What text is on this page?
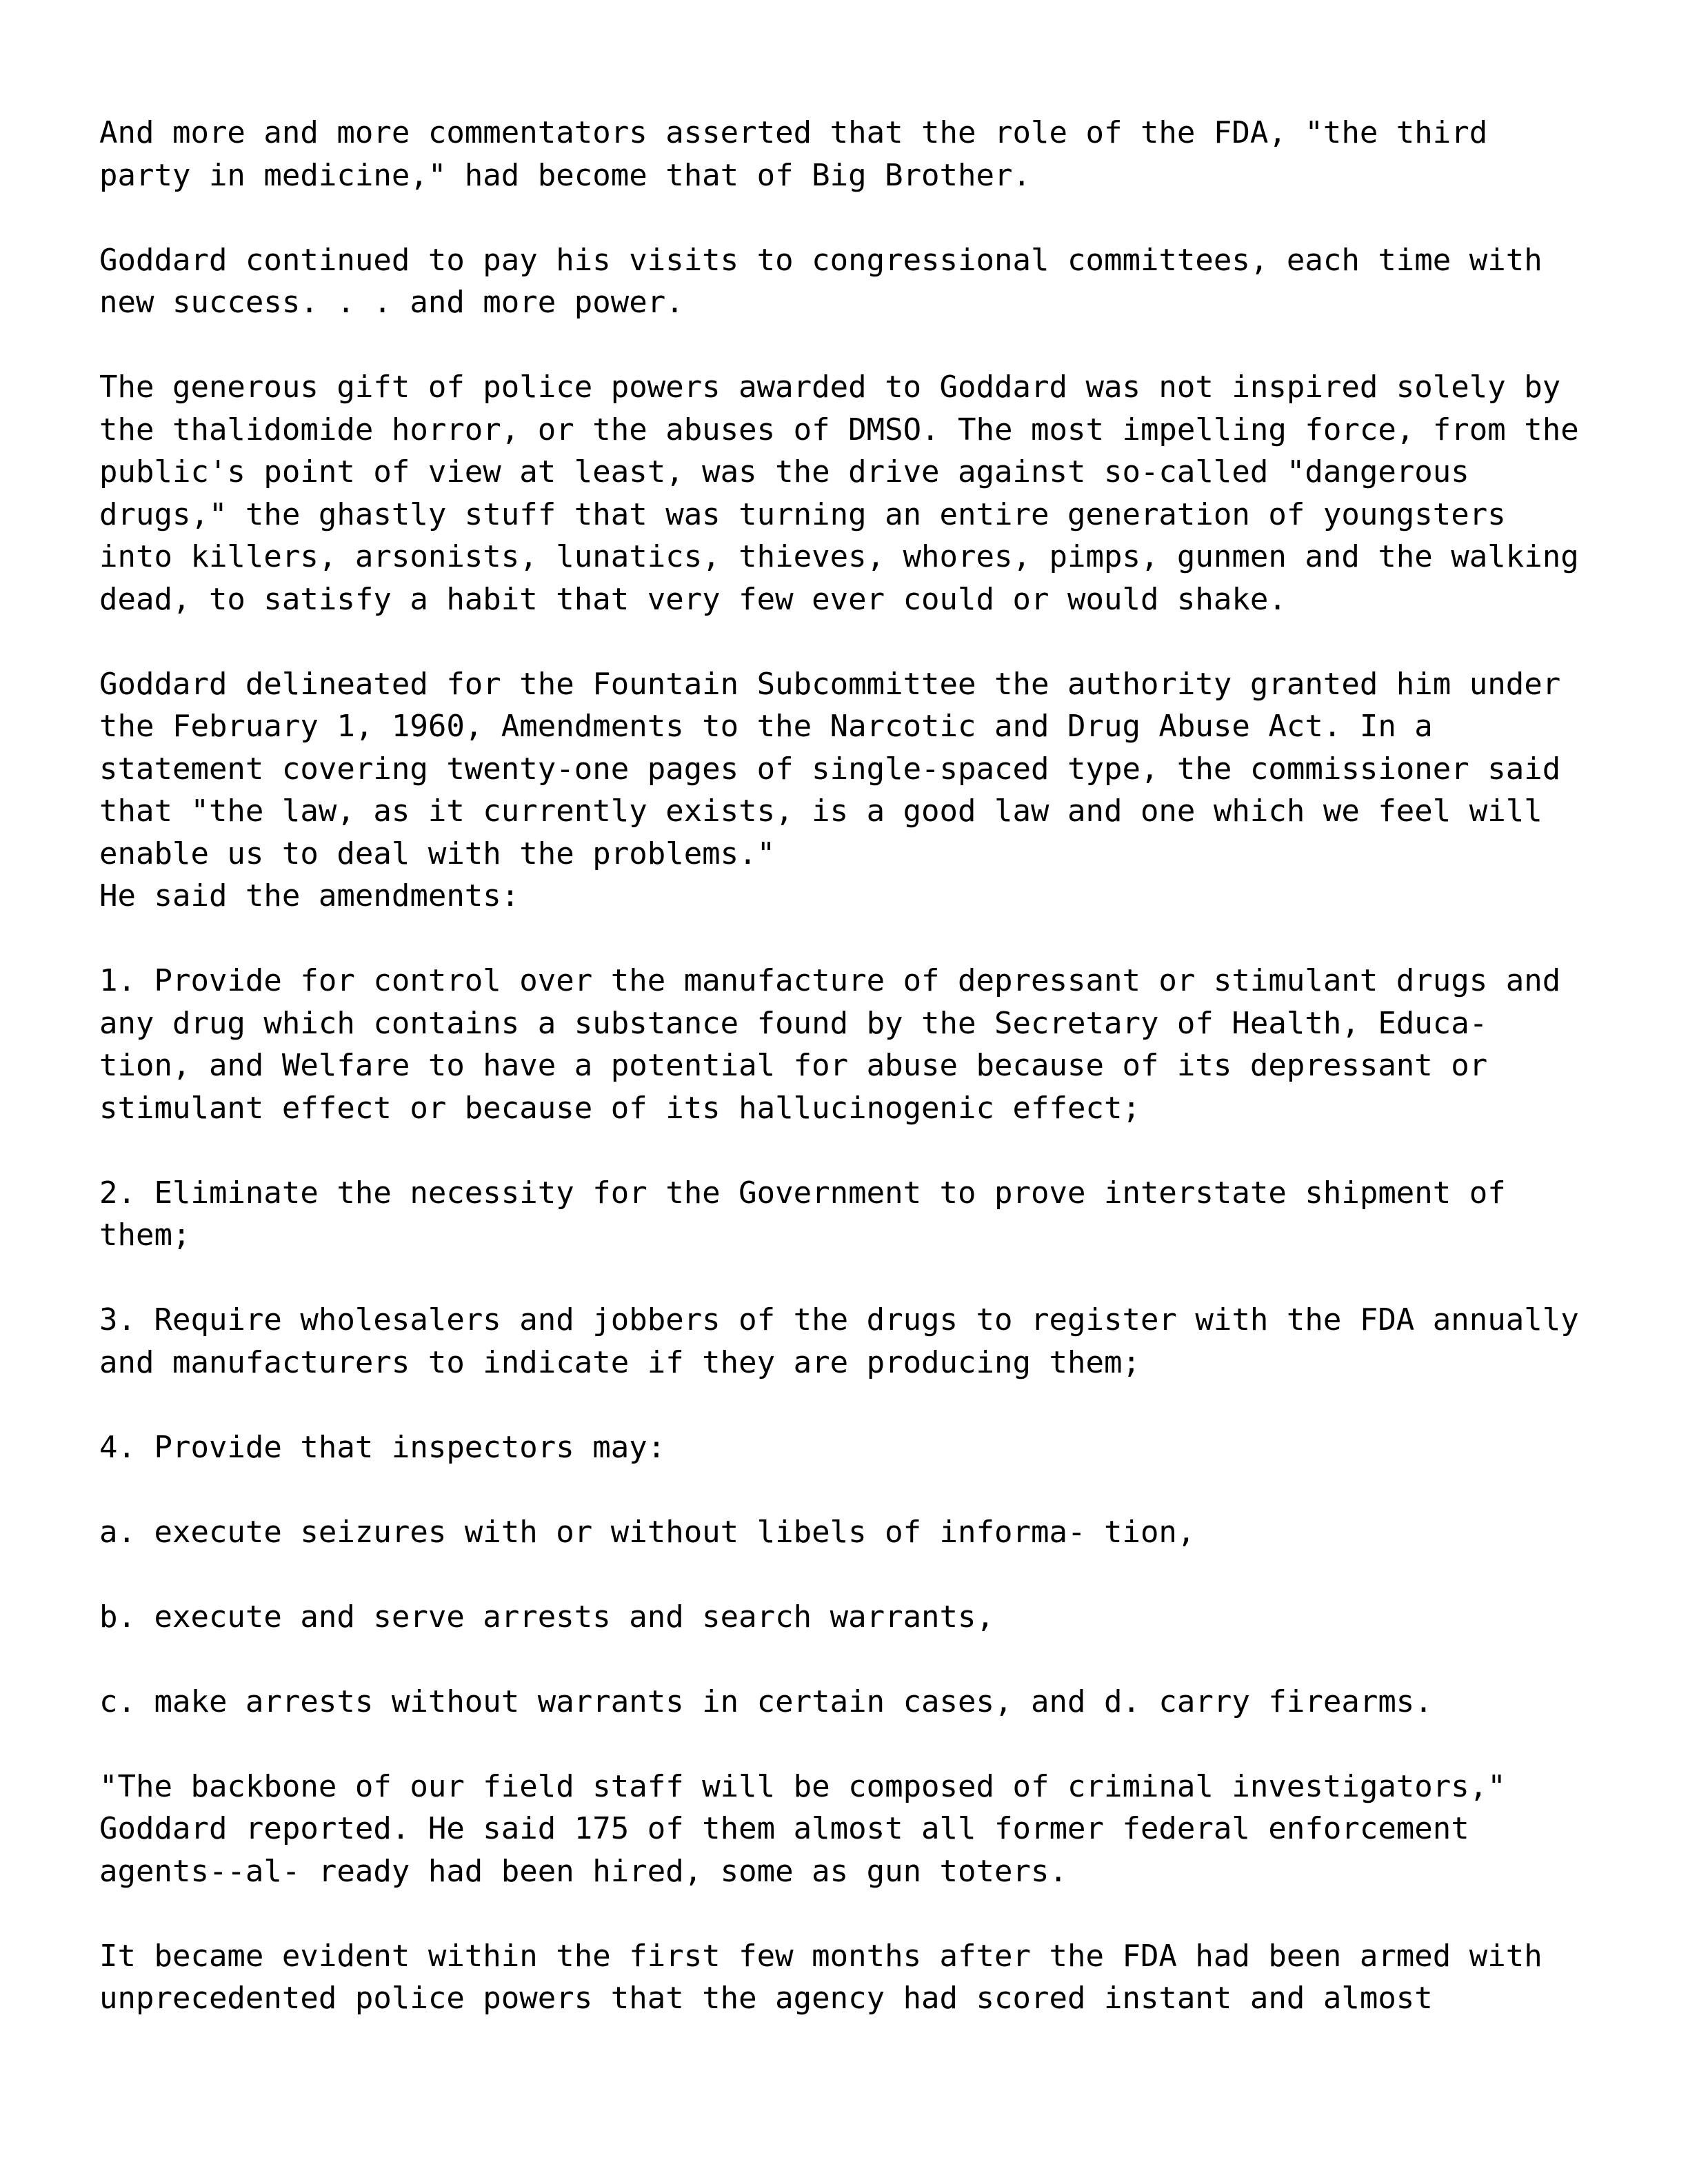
And more and more commentators asserted that the role of the FDA, "the third
party in medicine," had become that of Big Brother.
Goddard continued to pay his visits to congressional committees, each time with
new success. . . and more power.
The generous gift of police powers awarded to Goddard was not inspired solely by
the thalidomide horror, or the abuses of DMSO. The most impelling force, from the
public's point of view at least, was the drive against so-called "dangerous
drugs," the ghastly stuff that was turning an entire generation of youngsters
into killers, arsonists, lunatics, thieves, whores, pimps, gunmen and the walking
dead, to satisfy a habit that very few ever could or would shake.
Goddard delineated for the Fountain Subcommittee the authority granted him under
the February 1, 1960, Amendments to the Narcotic and Drug Abuse Act. In a
statement covering twenty-one pages of single-spaced type, the commissioner said
that "the law, as it currently exists, is a good law and one which we feel will
enable us to deal with the problems."
He said the amendments:
1. Provide for control over the manufacture of depressant or stimulant drugs and
any drug which contains a substance found by the Secretary of Health, Educa-
tion, and Welfare to have a potential for abuse because of its depressant or
stimulant effect or because of its hallucinogenic effect;
2. Eliminate the necessity for the Government to prove interstate shipment of
them;
3. Require wholesalers and jobbers of the drugs to register with the FDA annually
and manufacturers to indicate if they are producing them;
4. Provide that inspectors may:
a. execute seizures with or without libels of informa- tion,
b. execute and serve arrests and search warrants,
c. make arrests without warrants in certain cases, and d. carry firearms.
"The backbone of our field staff will be composed of criminal investigators,"
Goddard reported. He said 175 of them almost all former federal enforcement
agents--al- ready had been hired, some as gun toters.
It became evident within the first few months after the FDA had been armed with
unprecedented police powers that the agency had scored instant and almost
